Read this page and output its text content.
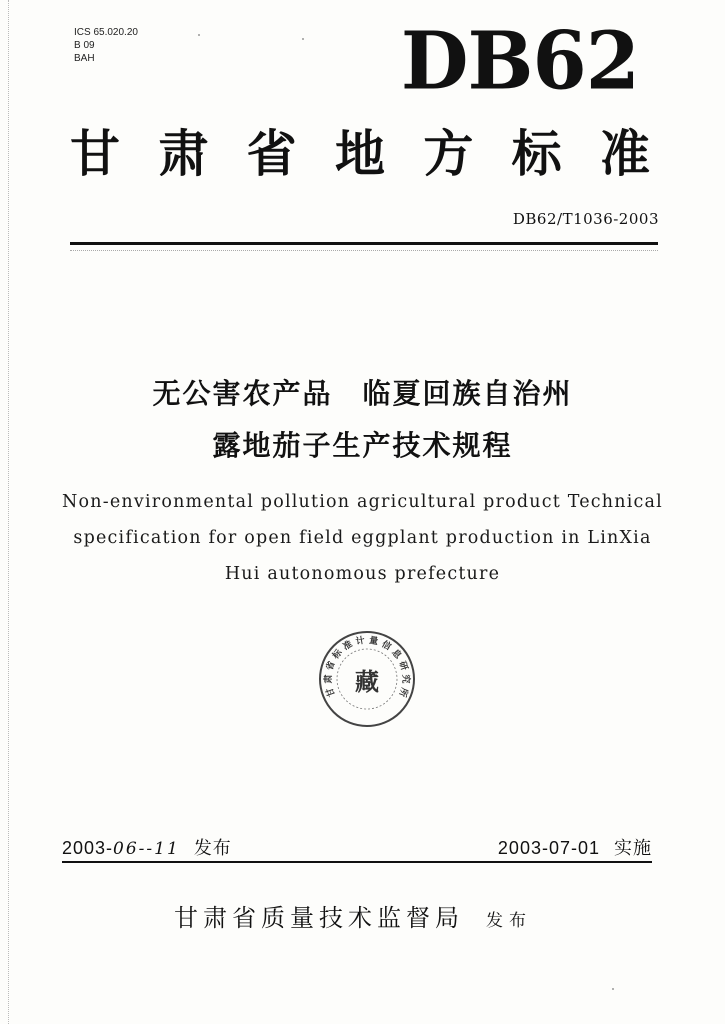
ICS 65.020.20
B 09
BAH	DB62
甘 肃 省 地 方 标 准
DB62/T1036-2003
无公害农产品 临夏回族自治州
露地茄子生产技术规程
Non-environmental pollution agricultural product Technical
specification for open field eggplant production in LinXia
Hui autonomous prefecture
甘
肃
省
标
准 计 量 信
息
研
究
所
藏
2003-06--11 发布	2003-07-01 实施
甘肃省质量技术监督局 发布
